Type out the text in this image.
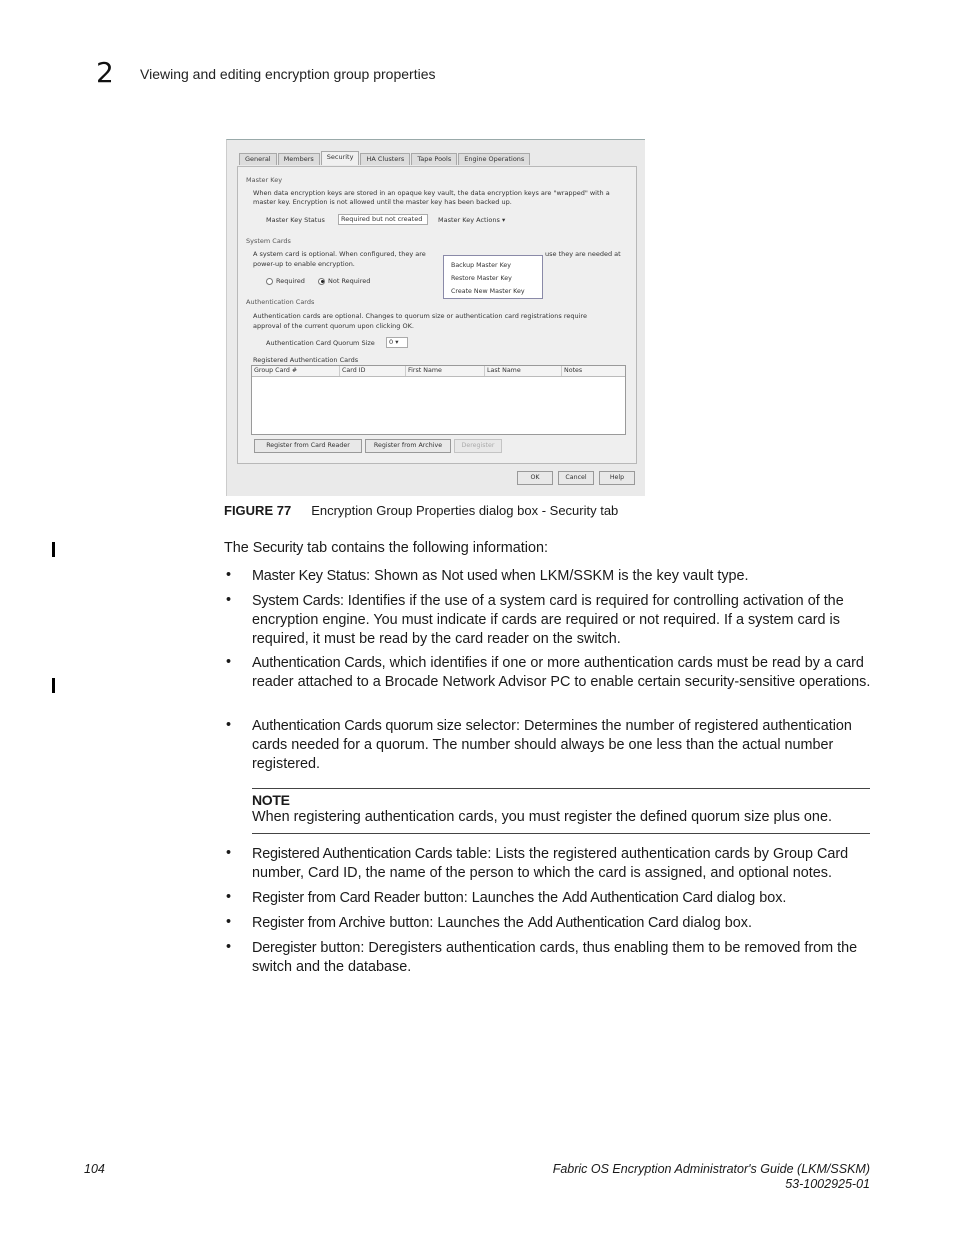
2 Viewing and editing encryption group properties
General	Members	Security	HA Clusters	Tape Pools	Engine Operations
Master Key
When data encryption keys are stored in an opaque key vault, the data encryption keys are "wrapped" with a
master key. Encryption is not allowed until the master key has been backed up.
Master Key Status	Required but not created	Master Key Actions ▾
Backup Master Key
Restore Master Key
Create New Master Key
System Cards
A system card is optional. When configured, they are	use they are needed at
power-up to enable encryption.
Required	Not Required
Authentication Cards
Authentication cards are optional. Changes to quorum size or authentication card registrations require
approval of the current quorum upon clicking OK.
Authentication Card Quorum Size	0 ▾
Registered Authentication Cards
Group Card #	Card ID	First Name	Last Name	Notes
Register from Card Reader	Register from Archive	Deregister
OK	Cancel	Help
FIGURE 77 Encryption Group Properties dialog box - Security tab
The Security tab contains the following information:
• Master Key Status: Shown as Not used when LKM/SSKM is the key vault type.
• System Cards: Identifies if the use of a system card is required for controlling activation of the encryption engine. You must indicate if cards are required or not required. If a system card is required, it must be read by the card reader on the switch.
• Authentication Cards, which identifies if one or more authentication cards must be read by a card reader attached to a Brocade Network Advisor PC to enable certain security-sensitive operations.
• Authentication Cards quorum size selector: Determines the number of registered authentication cards needed for a quorum. The number should always be one less than the actual number registered.
NOTE
When registering authentication cards, you must register the defined quorum size plus one.
• Registered Authentication Cards table: Lists the registered authentication cards by Group Card number, Card ID, the name of the person to which the card is assigned, and optional notes.
• Register from Card Reader button: Launches the Add Authentication Card dialog box.
• Register from Archive button: Launches the Add Authentication Card dialog box.
• Deregister button: Deregisters authentication cards, thus enabling them to be removed from the switch and the database.
104	Fabric OS Encryption Administrator's Guide (LKM/SSKM)
53-1002925-01
